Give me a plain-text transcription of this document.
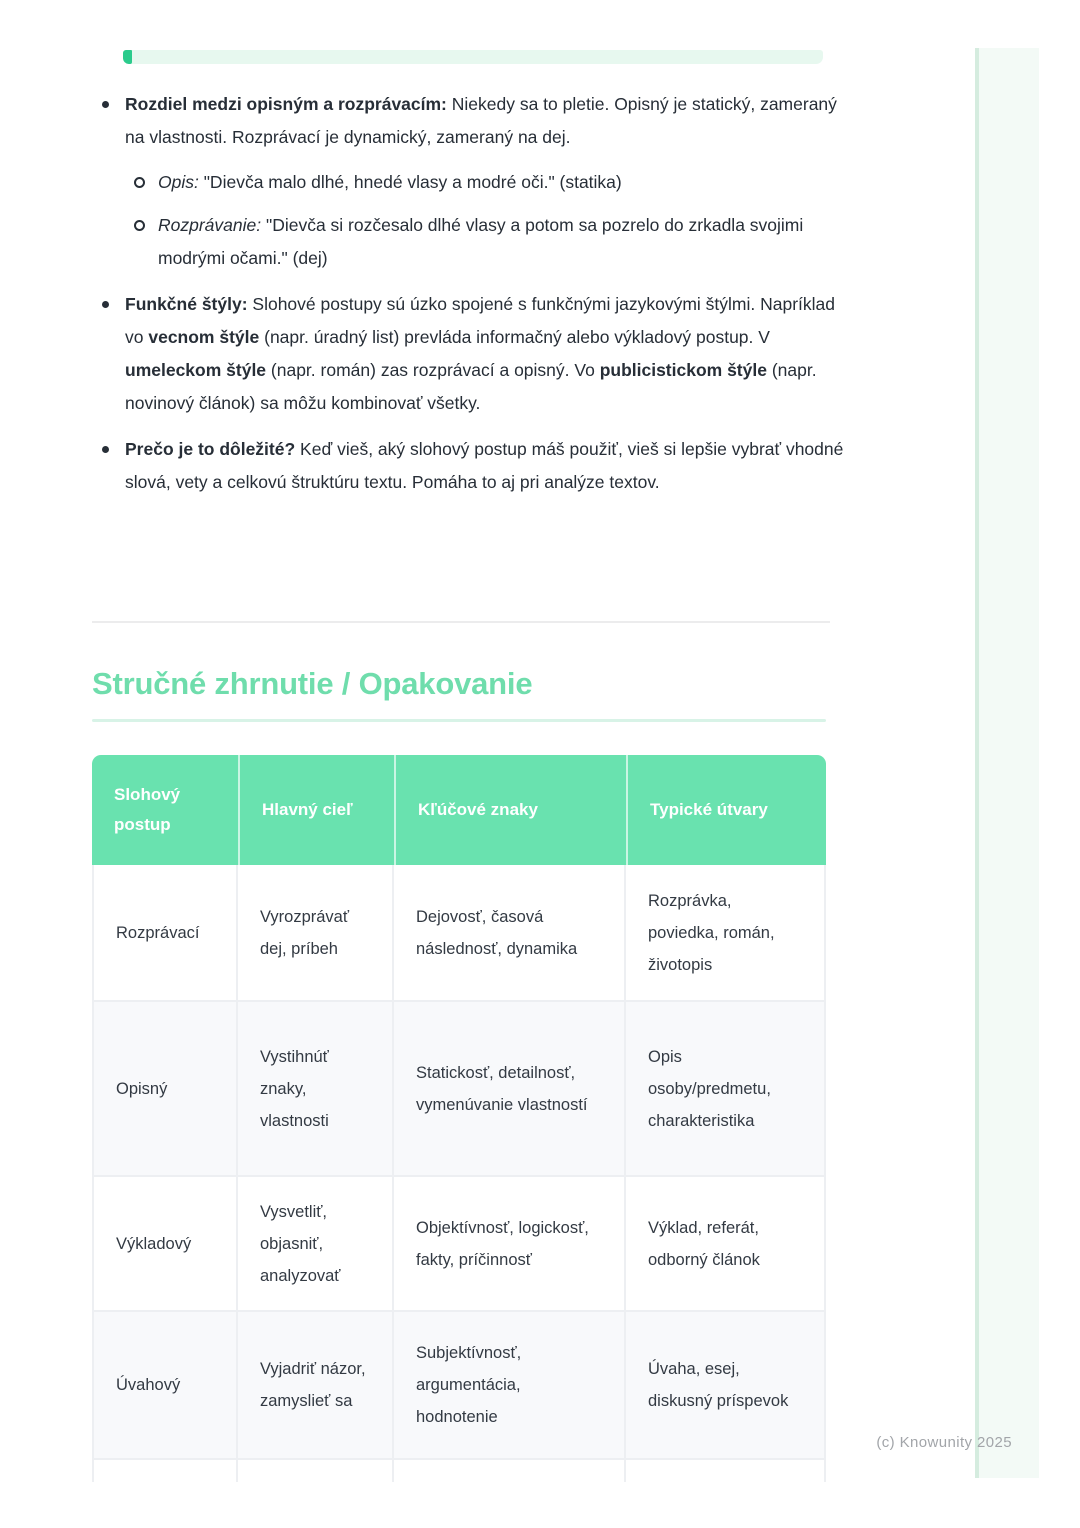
Rozdiel medzi opisným a rozprávacím: Niekedy sa to pletie. Opisný je statický, zameraný na vlastnosti. Rozprávací je dynamický, zameraný na dej.
Opis: "Dievča malo dlhé, hnedé vlasy a modré oči." (statika)
Rozprávanie: "Dievča si rozčesalo dlhé vlasy a potom sa pozrelo do zrkadla svojimi modrými očami." (dej)
Funkčné štýly: Slohové postupy sú úzko spojené s funkčnými jazykovými štýlmi. Napríklad vo vecnom štýle (napr. úradný list) prevláda informačný alebo výkladový postup. V umeleckom štýle (napr. román) zas rozprávací a opisný. Vo publicistickom štýle (napr. novinový článok) sa môžu kombinovať všetky.
Prečo je to dôležité? Keď vieš, aký slohový postup máš použiť, vieš si lepšie vybrať vhodné slová, vety a celkovú štruktúru textu. Pomáha to aj pri analýze textov.
Stručné zhrnutie / Opakovanie
Slohový postup	Hlavný cieľ	Kľúčové znaky	Typické útvary
Rozprávací	Vyrozprávať dej, príbeh	Dejovosť, časová následnosť, dynamika	Rozprávka, poviedka, román, životopis
Opisný	Vystihnúť znaky, vlastnosti	Statickosť, detailnosť, vymenúvanie vlastností	Opis osoby/predmetu, charakteristika
Výkladový	Vysvetliť, objasniť, analyzovať	Objektívnosť, logickosť, fakty, príčinnosť	Výklad, referát, odborný článok
Úvahový	Vyjadriť názor, zamyslieť sa	Subjektívnosť, argumentácia, hodnotenie	Úvaha, esej, diskusný príspevok

(c) Knowunity 2025
